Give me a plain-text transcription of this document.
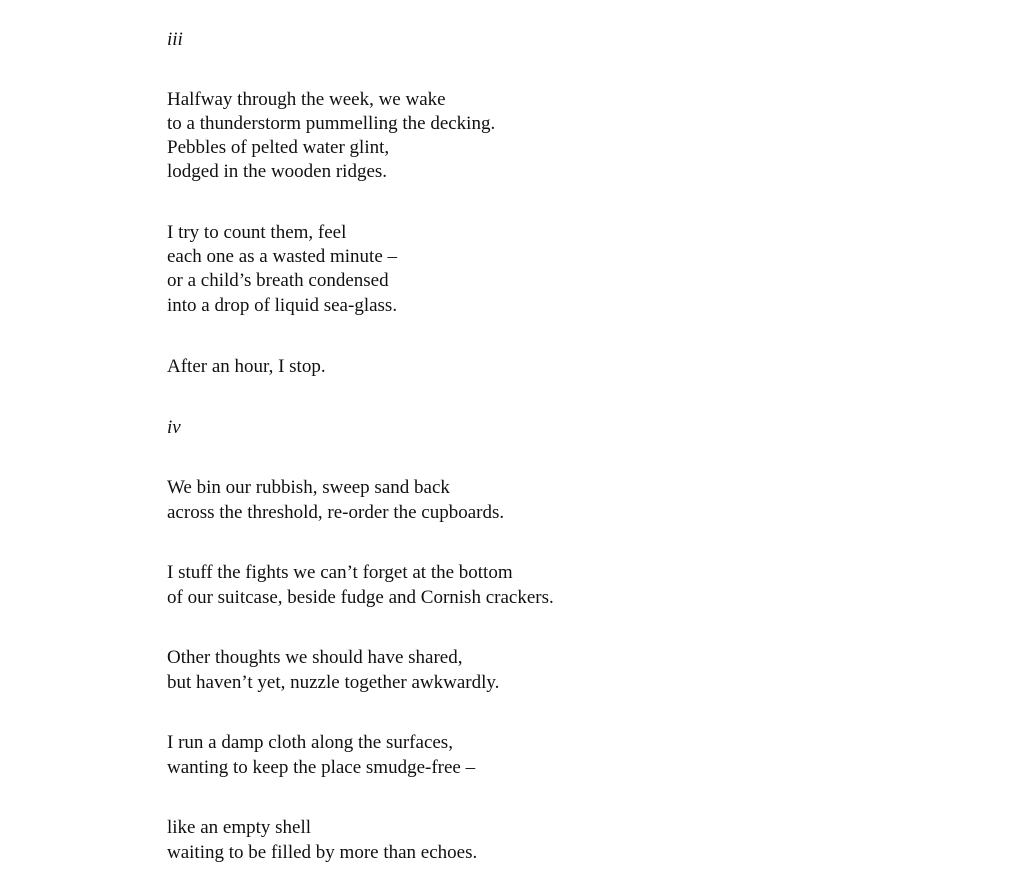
iii
Halfway through the week, we wake
to a thunderstorm pummelling the decking.
Pebbles of pelted water glint,
lodged in the wooden ridges.
I try to count them, feel
each one as a wasted minute –
or a child’s breath condensed
into a drop of liquid sea-glass.
After an hour, I stop.
iv
We bin our rubbish, sweep sand back
across the threshold, re-order the cupboards.
I stuff the fights we can’t forget at the bottom
of our suitcase, beside fudge and Cornish crackers.
Other thoughts we should have shared,
but haven’t yet, nuzzle together awkwardly.
I run a damp cloth along the surfaces,
wanting to keep the place smudge-free –
like an empty shell
waiting to be filled by more than echoes.
